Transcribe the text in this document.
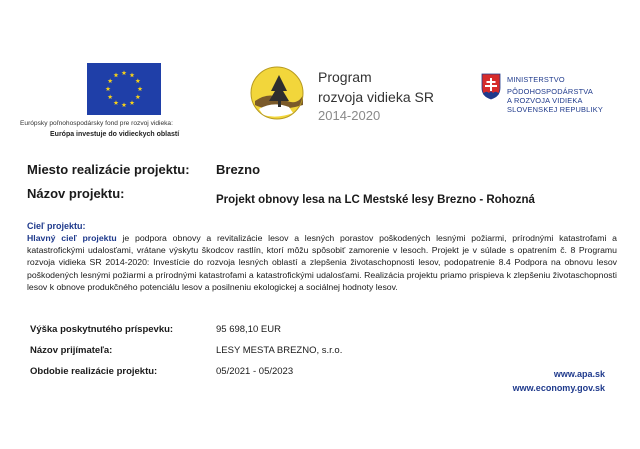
Európsky poľnohospodársky fond pre rozvoj vidieka:
Európa investuje do vidieckych oblastí
Program
rozvoja vidieka SR
2014-2020
MINISTERSTVO
PÔDOHOSPODÁRSTVA
A ROZVOJA VIDIEKA
SLOVENSKEJ REPUBLIKY
Miesto realizácie projektu: Brezno
Názov projektu:	Projekt obnovy lesa na LC Mestské lesy Brezno - Rohozná
Cieľ projektu:
Hlavný cieľ projektu je podpora obnovy a revitalizácie lesov a lesných porastov poškodených lesnými požiarmi, prírodnými katastrofami a katastrofickými udalosťami, vrátane výskytu škodcov rastlín, ktorí môžu spôsobiť zamorenie v lesoch. Projekt je v súlade s opatrením č. 8 Programu rozvoja vidieka SR 2014-2020: Investície do rozvoja lesných oblastí a zlepšenia životaschopnosti lesov, podopatrenie 8.4 Podpora na obnovu lesov poškodených lesnými požiarmi a prírodnými katastrofami a katastrofickými udalosťami. Realizácia projektu priamo prispieva k zlepšeniu životaschopnosti lesov k obnove produkčného potenciálu lesov a posilneniu ekologickej a sociálnej hodnoty lesov.
Výška poskytnutého príspevku:	95 698,10 EUR
Názov prijímateľa:	LESY MESTA BREZNO, s.r.o.
Obdobie realizácie projektu:	05/2021 - 05/2023	www.apa.sk
www.economy.gov.sk
